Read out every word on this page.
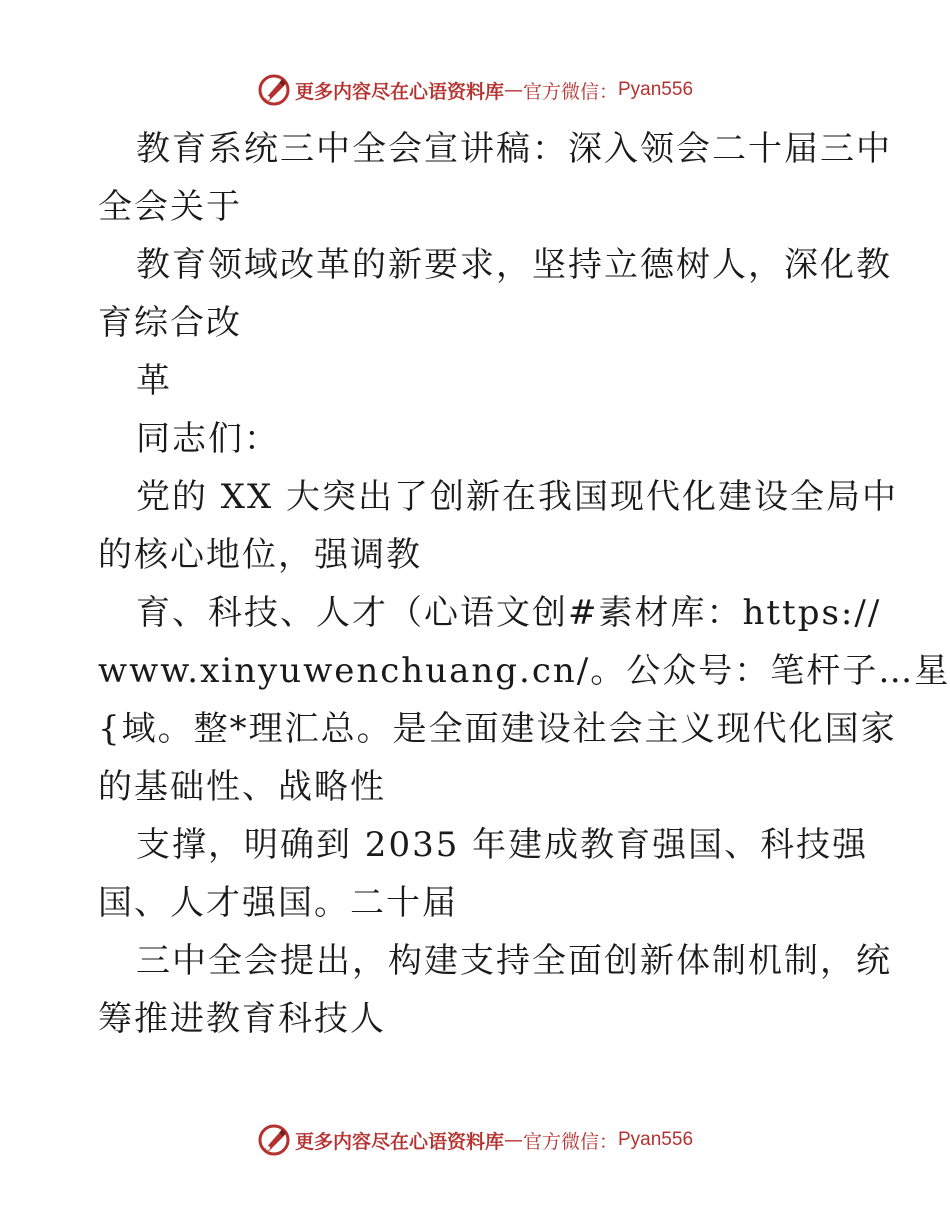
更多内容尽在心语资料库 — 官方微信： Pyan556
教育系统三中全会宣讲稿：深入领会二十届三中
全会关于
教育领域改革的新要求，坚持立德树人，深化教
育综合改
革
同志们：
党的 XX 大突出了创新在我国现代化建设全局中
的核心地位，强调教
育、科技、人才（心语文创#素材库：https://
www.xinyuwenchuang.cn/。公众号：笔杆子…星
{域。整*理汇总。是全面建设社会主义现代化国家
的基础性、战略性
支撑，明确到 2035 年建成教育强国、科技强
国、人才强国。二十届
三中全会提出，构建支持全面创新体制机制，统
筹推进教育科技人
更多内容尽在心语资料库 — 官方微信： Pyan556
